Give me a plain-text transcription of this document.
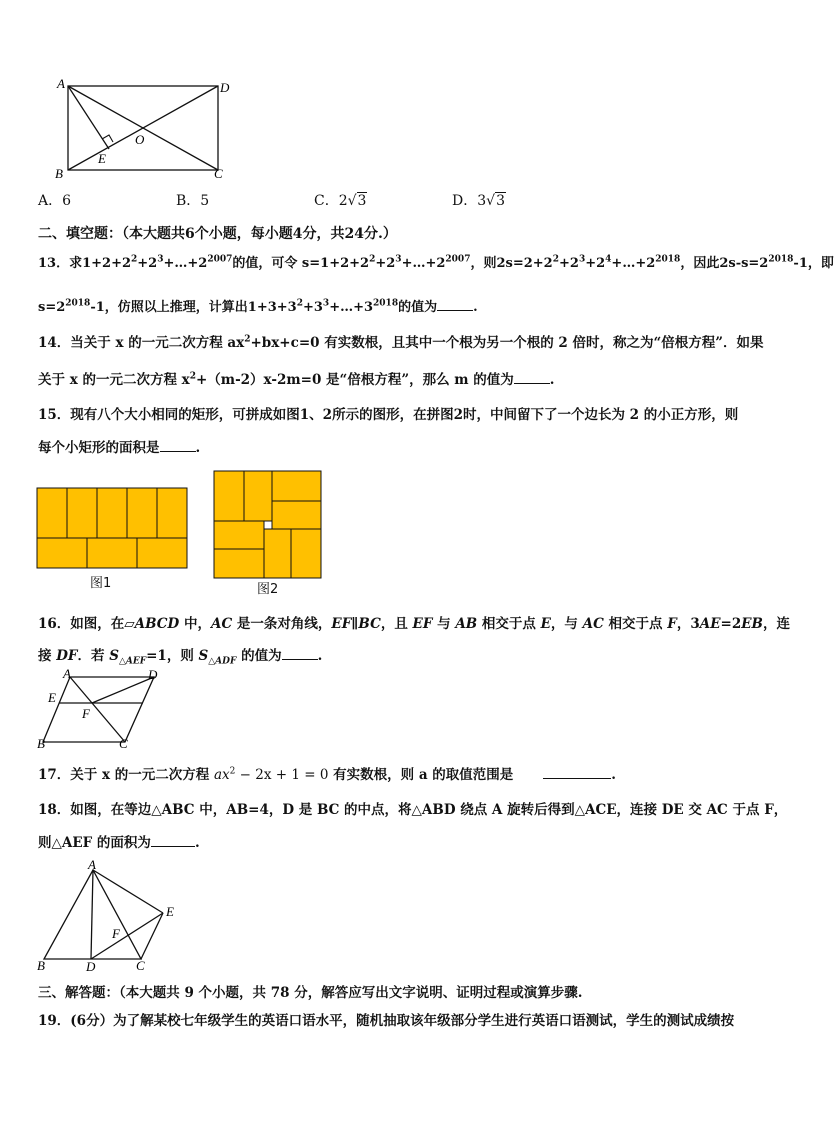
A	D
B	C
E
O
A．6	B．5	C．2√3	D．3√3
二、填空题：（本大题共6个小题，每小题4分，共24分.）
13．求$1+2+2^2+2^3+\dots+2^{2007}$的值，可令 $s=1+2+2^2+2^3+\dots+2^{2007}$，则$2s=2+2^2+2^3+2^4+\dots+2^{2018}$，因此$2s-s=2^{2018}-1$，即
$s=2^{2018}-1$，仿照以上推理，计算出$1+3+3^2+3^3+\dots+3^{2018}$的值为	.
14．当关于 x 的一元二次方程 $ax^2+bx+c=0$ 有实数根，且其中一个根为另一个根的 2 倍时，称之为“倍根方程”．如果
关于 x 的一元二次方程 $x^2+(m-2)x-2m=0$ 是“倍根方程”，那么 m 的值为	.
15．现有八个大小相同的矩形，可拼成如图1、2所示的图形，在拼图2时，中间留下了一个边长为 2 的小正方形，则
每个小矩形的面积是	.
图1	图2
16．如图，在▱ABCD 中，AC 是一条对角线，EF∥BC，且 EF 与 AB 相交于点 E，与 AC 相交于点 F，3AE=2EB，连
接 DF．若 $S_{\triangle AEF}=1$，则 $S_{\triangle ADF}$ 的值为	.
A	D
E
F
B	C
17．关于 x 的一元二次方程 $ax^2 - 2x + 1 = 0$ 有实数根，则 a 的取值范围是	.
18．如图，在等边△ABC 中，AB=4，D 是 BC 的中点，将△ABD 绕点 A 旋转后得到△ACE，连接 DE 交 AC 于点 F，
则△AEF 的面积为	.
A
E
F
B	D	C
三、解答题：（本大题共 9 个小题，共 78 分，解答应写出文字说明、证明过程或演算步骤.
19．(6分）为了解某校七年级学生的英语口语水平，随机抽取该年级部分学生进行英语口语测试，学生的测试成绩按
